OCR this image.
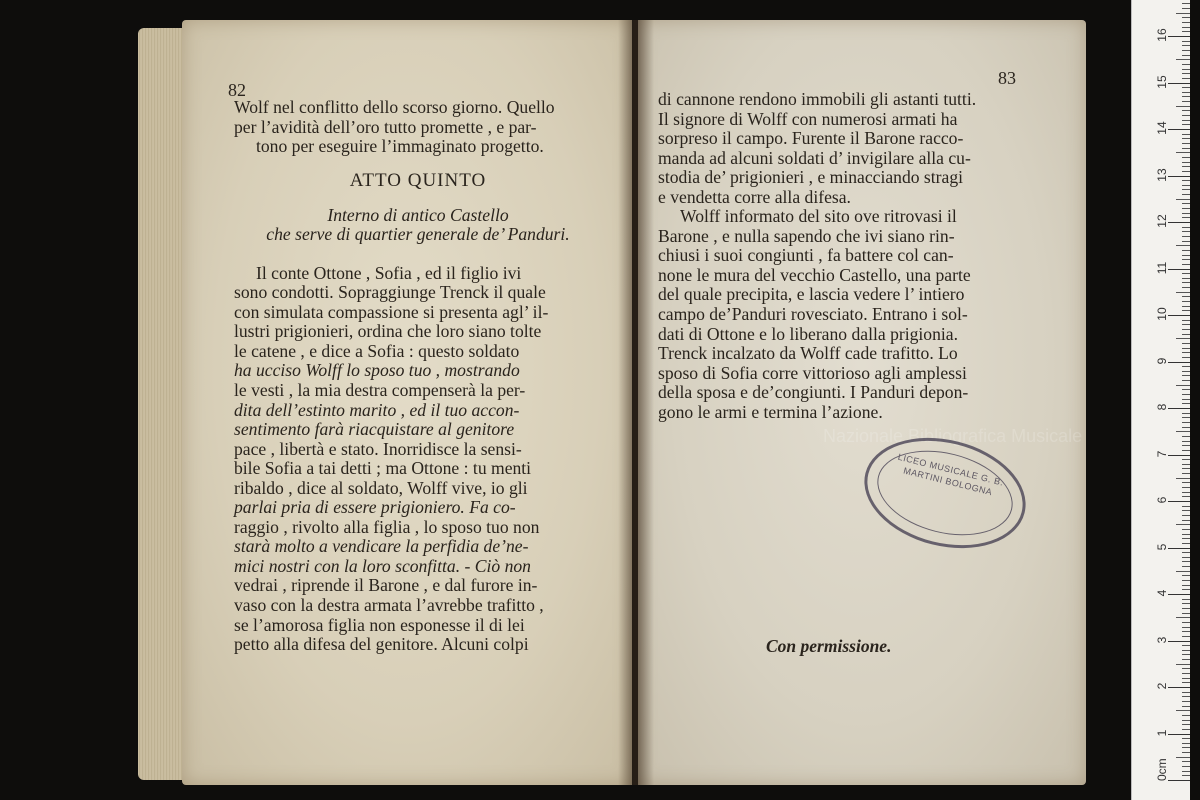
82
Wolf nel conflitto dello scorso giorno. Quello
per l’avidità dell’oro tutto promette , e par-
tono per eseguire l’immaginato progetto.
ATTO QUINTO
Interno di antico Castello
che serve di quartier generale de’ Panduri.
Il conte Ottone , Sofia , ed il figlio ivi
sono condotti. Sopraggiunge Trenck il quale
con simulata compassione si presenta agl’ il-
lustri prigionieri, ordina che loro siano tolte
le catene , e dice a Sofia : questo soldato
ha ucciso Wolff lo sposo tuo , mostrando
le vesti , la mia destra compenserà la per-
dita dell’estinto marito , ed il tuo accon-
sentimento farà riacquistare al genitore
pace , libertà e stato. Inorridisce la sensi-
bile Sofia a tai detti ; ma Ottone : tu menti
ribaldo , dice al soldato, Wolff vive, io gli
parlai pria di essere prigioniero. Fa co-
raggio , rivolto alla figlia , lo sposo tuo non
starà molto a vendicare la perfidia de’ne-
mici nostri con la loro sconfitta. - Ciò non
vedrai , riprende il Barone , e dal furore in-
vaso con la destra armata l’avrebbe trafitto ,
se l’amorosa figlia non esponesse il di lei
petto alla difesa del genitore. Alcuni colpi
83
di cannone rendono immobili gli astanti tutti.
Il signore di Wolff con numerosi armati ha
sorpreso il campo. Furente il Barone racco-
manda ad alcuni soldati d’ invigilare alla cu-
stodia de’ prigionieri , e minacciando stragi
e vendetta corre alla difesa.
Wolff informato del sito ove ritrovasi il
Barone , e nulla sapendo che ivi siano rin-
chiusi i suoi congiunti , fa battere col can-
none le mura del vecchio Castello, una parte
del quale precipita, e lascia vedere l’ intiero
campo de’Panduri rovesciato. Entrano i sol-
dati di Ottone e lo liberano dalla prigionia.
Trenck incalzato da Wolff cade trafitto. Lo
sposo di Sofia corre vittorioso agli amplessi
della sposa e de’congiunti. I Panduri depon-
gono le armi e termina l’azione.
Nazionale Bibliografica Musicale
LICEO MUSICALE G. B. MARTINI BOLOGNA
Con permissione.
0cm
1
2
3
4
5
6
7
8
9
10
11
12
13
14
15
16
